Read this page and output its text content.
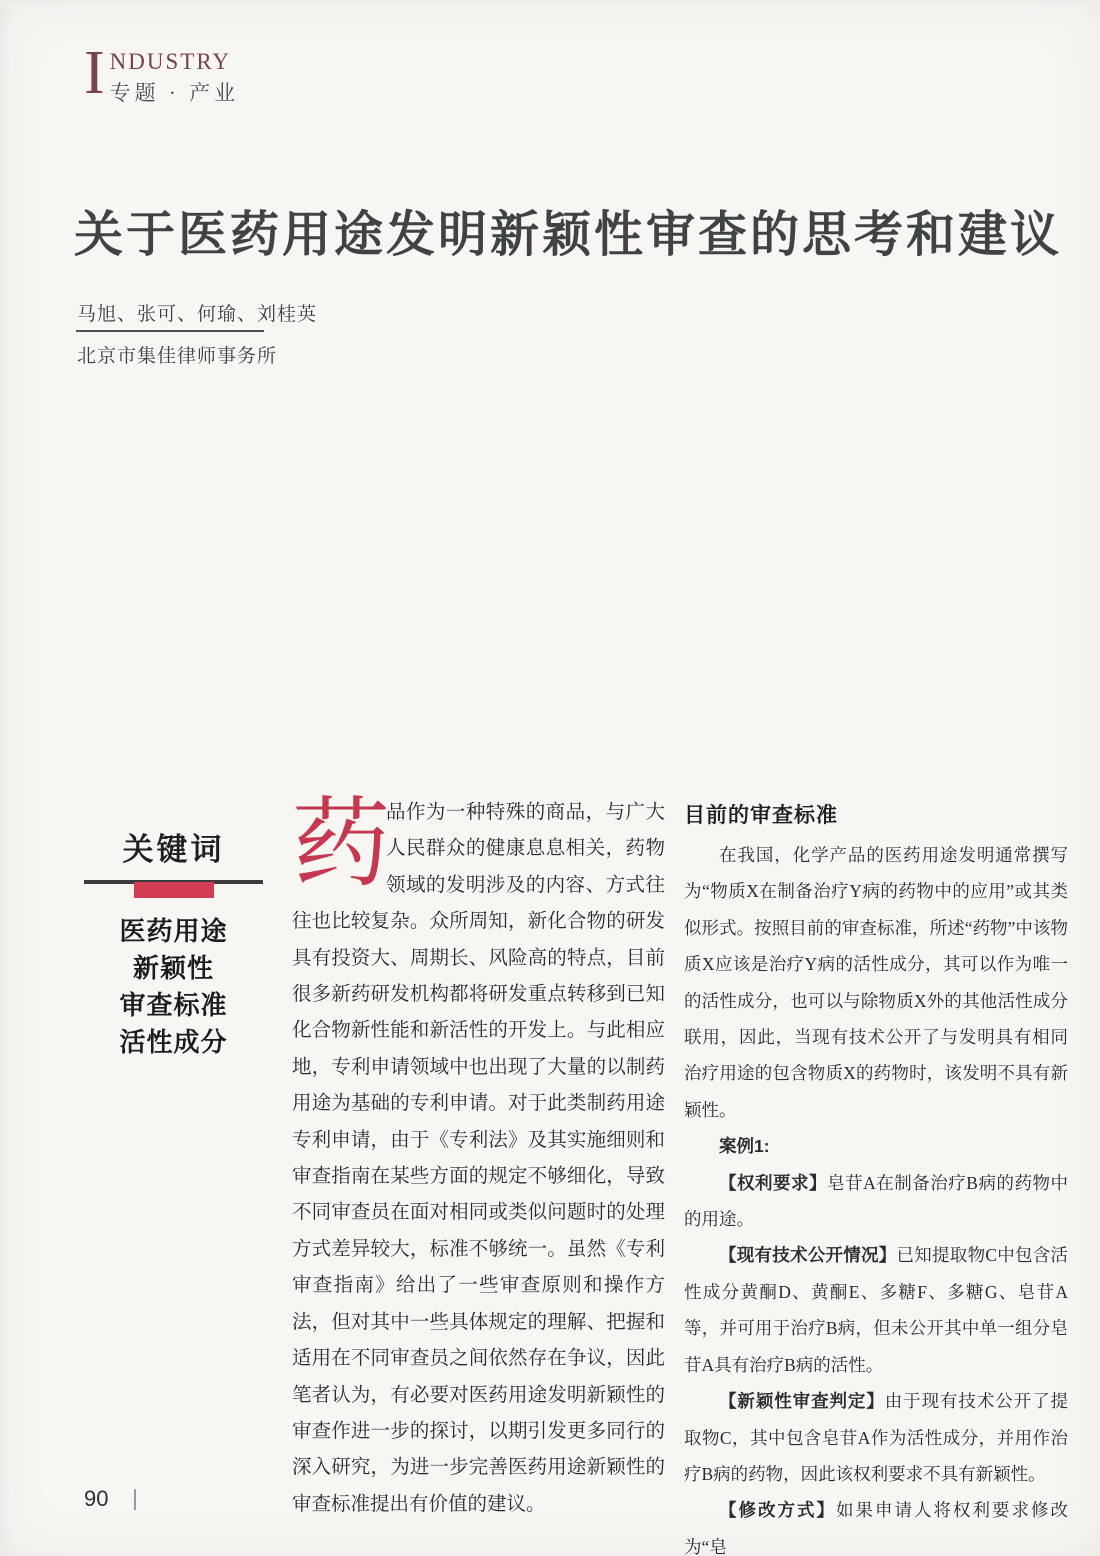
I NDUSTRY
专题 · 产业
关于医药用途发明新颖性审查的思考和建议
马旭、张可、何瑜、刘桂英
北京市集佳律师事务所
关键词
医药用途
新颖性
审查标准
活性成分
药
品作为一种特殊的商品，与广大人民群众的健康息息相关，药物领域的发明涉及的内容、方式往往也比较复杂。众所周知，新化合物的研发具有投资大、周期长、风险高的特点，目前很多新药研发机构都将研发重点转移到已知化合物新性能和新活性的开发上。与此相应地，专利申请领域中也出现了大量的以制药用途为基础的专利申请。对于此类制药用途专利申请，由于《专利法》及其实施细则和审查指南在某些方面的规定不够细化，导致不同审查员在面对相同或类似问题时的处理方式差异较大，标准不够统一。虽然《专利审查指南》给出了一些审查原则和操作方法，但对其中一些具体规定的理解、把握和适用在不同审查员之间依然存在争议，因此笔者认为，有必要对医药用途发明新颖性的审查作进一步的探讨，以期引发更多同行的深入研究，为进一步完善医药用途新颖性的审查标准提出有价值的建议。
目前的审查标准

在我国，化学产品的医药用途发明通常撰写为“物质X在制备治疗Y病的药物中的应用”或其类似形式。按照目前的审查标准，所述“药物”中该物质X应该是治疗Y病的活性成分，其可以作为唯一的活性成分，也可以与除物质X外的其他活性成分联用，因此，当现有技术公开了与发明具有相同治疗用途的包含物质X的药物时，该发明不具有新颖性。

案例1:

【权利要求】皂苷A在制备治疗B病的药物中的用途。

【现有技术公开情况】已知提取物C中包含活性成分黄酮D、黄酮E、多糖F、多糖G、皂苷A等，并可用于治疗B病，但未公开其中单一组分皂苷A具有治疗B病的活性。

【新颖性审查判定】由于现有技术公开了提取物C，其中包含皂苷A作为活性成分，并用作治疗B病的药物，因此该权利要求不具有新颖性。

【修改方式】如果申请人将权利要求修改为“皂

90
